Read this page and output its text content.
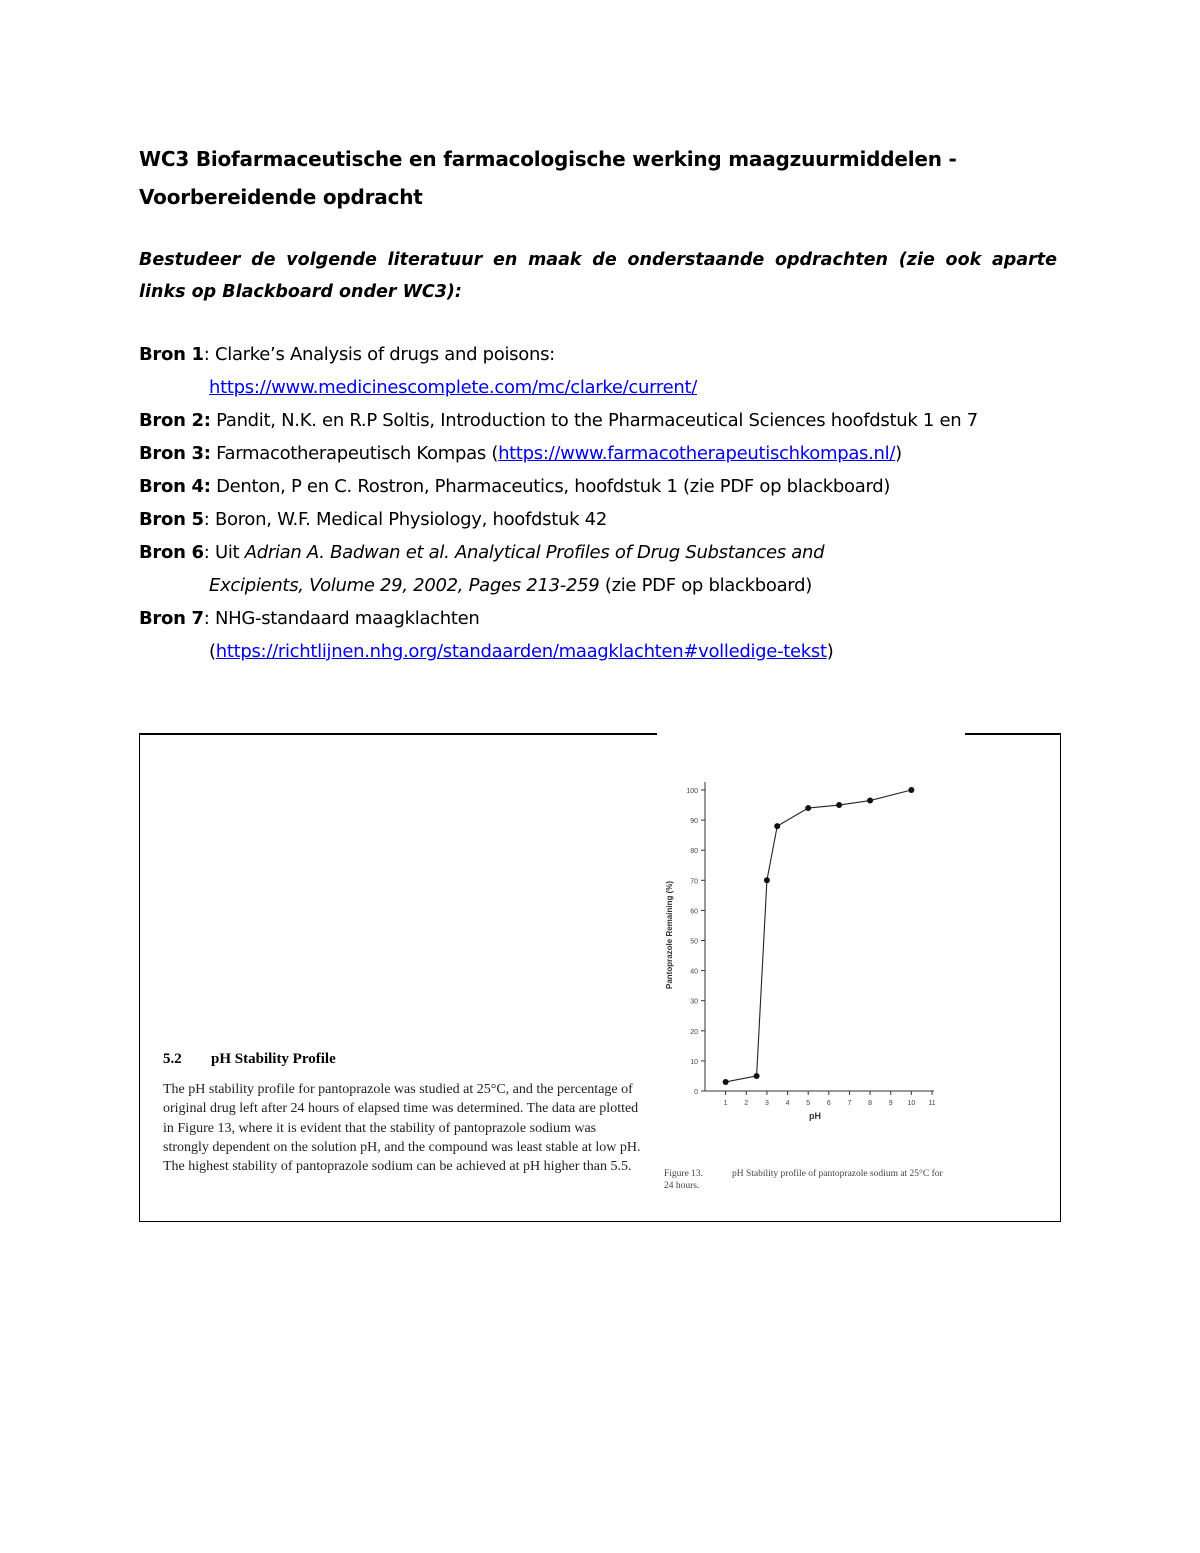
WC3 Biofarmaceutische en farmacologische werking maagzuurmiddelen - Voorbereidende opdracht
Bestudeer de volgende literatuur en maak de onderstaande opdrachten (zie ook aparte links op Blackboard onder WC3):
Bron 1: Clarke’s Analysis of drugs and poisons:
https://www.medicinescomplete.com/mc/clarke/current/
Bron 2: Pandit, N.K. en R.P Soltis, Introduction to the Pharmaceutical Sciences hoofdstuk 1 en 7
Bron 3: Farmacotherapeutisch Kompas (https://www.farmacotherapeutischkompas.nl/)
Bron 4: Denton, P en C. Rostron, Pharmaceutics, hoofdstuk 1 (zie PDF op blackboard)
Bron 5: Boron, W.F. Medical Physiology, hoofdstuk 42
Bron 6: Uit Adrian A. Badwan et al. Analytical Profiles of Drug Substances and
Excipients, Volume 29, 2002, Pages 213-259 (zie PDF op blackboard)
Bron 7: NHG-standaard maagklachten
(https://richtlijnen.nhg.org/standaarden/maagklachten#volledige-tekst)
5.2 pH Stability Profile
The pH stability profile for pantoprazole was studied at 25°C, and the percentage of original drug left after 24 hours of elapsed time was determined. The data are plotted in Figure 13, where it is evident that the stability of pantoprazole sodium was strongly dependent on the solution pH, and the compound was least stable at low pH. The highest stability of pantoprazole sodium can be achieved at pH higher than 5.5.
0
10
20
30
40
50
60
70
80
90
100
1 2 3 4 5 6 7 8 9 10 11
Pantoprazole Remaining (%)
pH
Figure 13.	pH Stability profile of pantoprazole sodium at 25°C for 24 hours.
